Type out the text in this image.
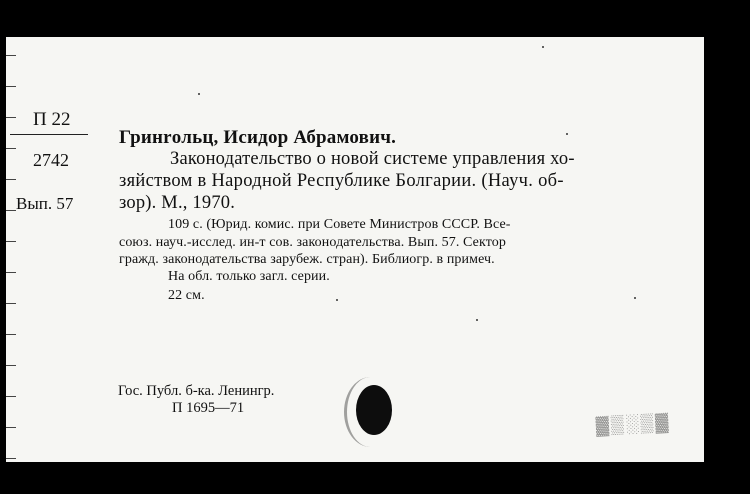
П 22
2742
Вып. 57
Гринrольц, Исидор Абрамович.
Законодательство о новой системе управления хо-
зяйством в Народной Республике Болгарии. (Науч. об-
зор). М., 1970.
109 с. (Юрид. комис. при Совете Министров СССР. Все-
союз. науч.-исслед. ин-т сов. законодательства. Вып. 57. Сектор
гражд. законодательства зарубеж. стран). Библиогр. в примеч.
На обл. только загл. серии.
22 см.
Гос. Публ. б-ка. Ленингр.
П 1695—71
▓▒░▒▓
